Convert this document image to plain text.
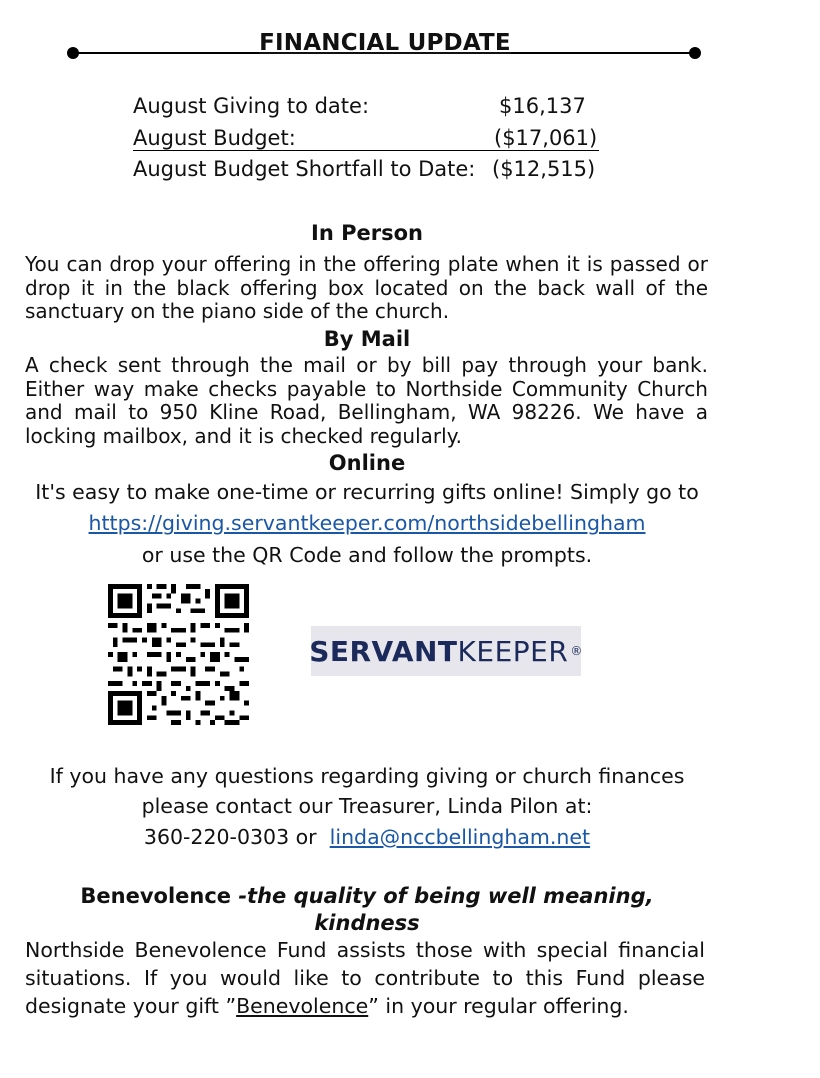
FINANCIAL UPDATE
August Giving to date:	$16,137
August Budget:	($17,061)
August Budget Shortfall to Date: ($12,515)
In Person
You can drop your offering in the offering plate when it is passed or drop it in the black offering box located on the back wall of the sanctuary on the piano side of the church.
By Mail
A check sent through the mail or by bill pay through your bank. Either way make checks payable to Northside Community Church and mail to 950 Kline Road, Bellingham, WA 98226. We have a locking mailbox, and it is checked regularly.
Online
It's easy to make one-time or recurring gifts online! Simply go to
https://giving.servantkeeper.com/northsidebellingham
or use the QR Code and follow the prompts.
SERVANT KEEPER ®
If you have any questions regarding giving or church finances
please contact our Treasurer, Linda Pilon at:
360-220-0303 or linda@nccbellingham.net
Benevolence -the quality of being well meaning,
kindness
Northside Benevolence Fund assists those with special financial situations. If you would like to contribute to this Fund please designate your gift ”Benevolence” in your regular offering.
